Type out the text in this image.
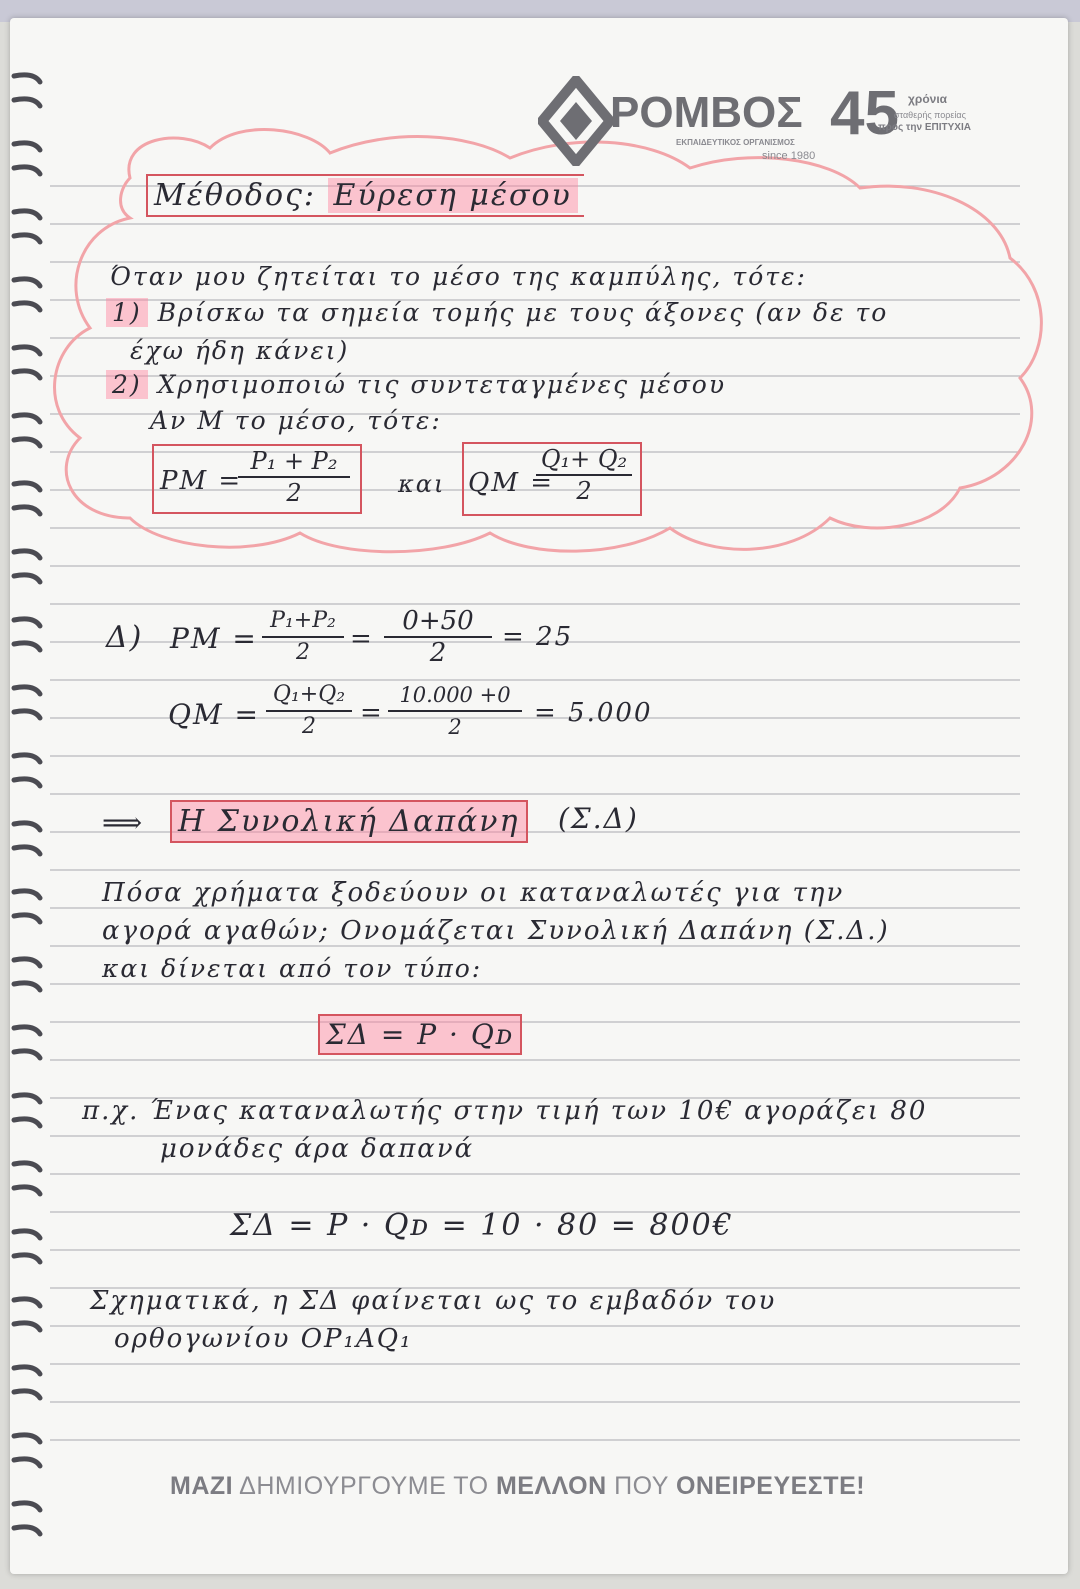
ΡΟΜΒΟΣ
ΕΚΠΑΙΔΕΥΤΙΚΟΣ ΟΡΓΑΝΙΣΜΟΣ
since 1980
45 χρόνια
σταθερής πορείας
προς την ΕΠΙΤΥΧΙΑ
Μέθοδος: Εύρεση μέσου
Όταν μου ζητείται το μέσο της καμπύλης, τότε:
1) Βρίσκω τα σημεία τομής με τους άξονες (αν δε το
έχω ήδη κάνει)
2) Χρησιμοποιώ τις συντεταγμένες μέσου
Αν Μ το μέσο, τότε:
PΜ =
P₁ + P₂
2	και QΜ =
Q₁+ Q₂
2
Δ) PΜ =
P₁+P₂
2	=
0+50
2
= 25
QΜ =
Q₁+Q₂
2	=
10.000 +0
2	= 5.000
⟹ Η Συνολική Δαπάνη (Σ.Δ)
Πόσα χρήματα ξοδεύουν οι καταναλωτές για την
αγορά αγαθών; Ονομάζεται Συνολική Δαπάνη (Σ.Δ.)
και δίνεται από τον τύπο:
ΣΔ = P · Qᴅ
π.χ. Ένας καταναλωτής στην τιμή των 10€ αγοράζει 80
μονάδες άρα δαπανά
ΣΔ = P · Qᴅ = 10 · 80 = 800€
Σχηματικά, η ΣΔ φαίνεται ως το εμβαδόν του
ορθογωνίου OP₁AQ₁
ΜΑΖΙ ΔΗΜΙΟΥΡΓΟΥΜΕ ΤΟ ΜΕΛΛΟΝ ΠΟΥ ΟΝΕΙΡΕΥΕΣΤΕ!
